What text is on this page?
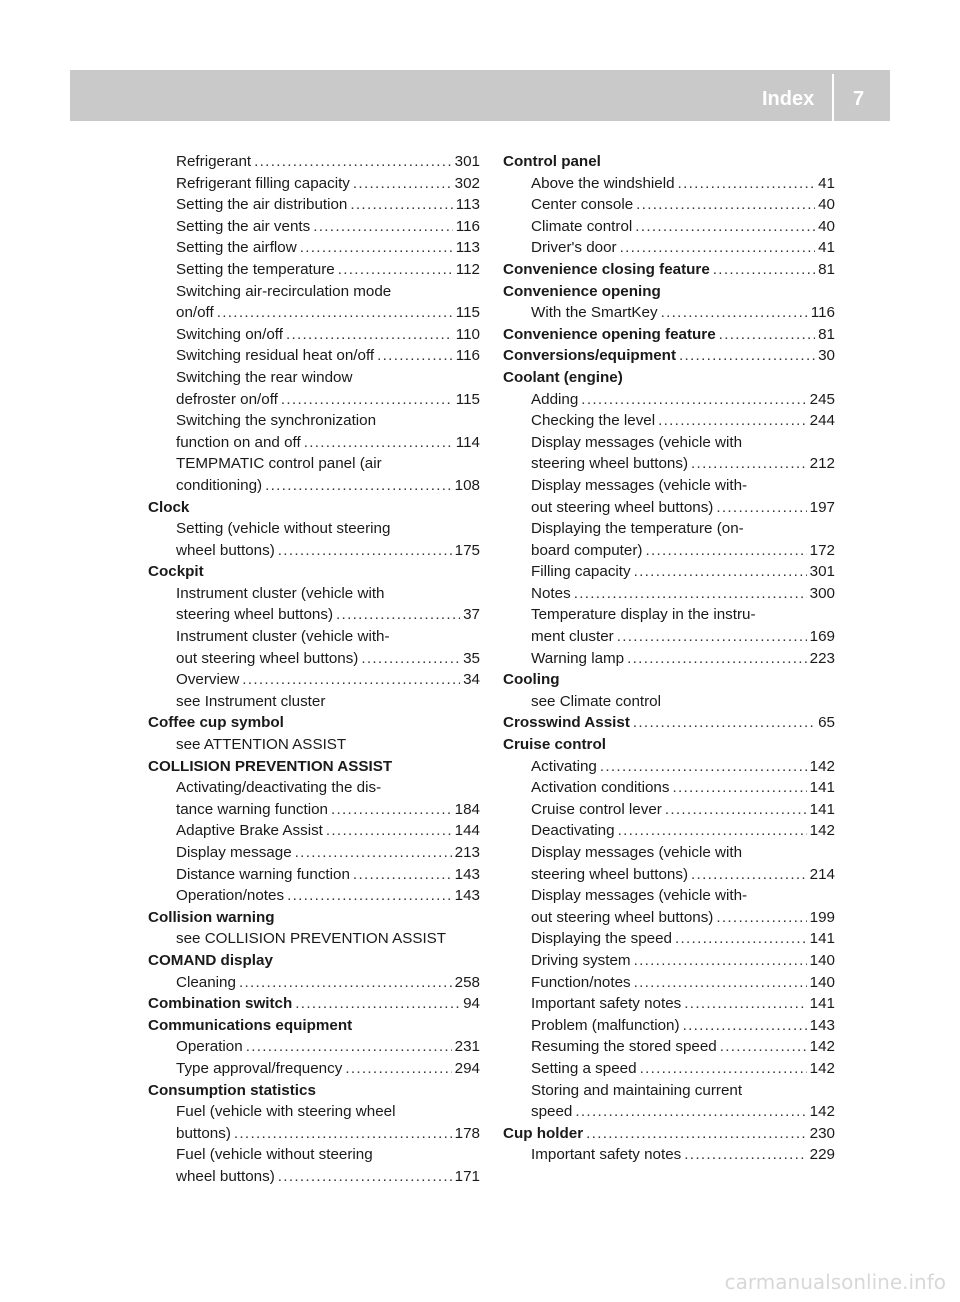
Index 7
Refrigerant .....	301
Refrigerant filling capacity .....	302
Setting the air distribution .....	113
Setting the air vents .....	116
Setting the airflow .....	113
Setting the temperature .....	112
Switching air-recirculation mode
on/off .....	115
Switching on/off .....	110
Switching residual heat on/off .....	116
Switching the rear window
defroster on/off .....	115
Switching the synchronization
function on and off .....	114
TEMPMATIC control panel (air
conditioning) .....	108
Clock
Setting (vehicle without steering
wheel buttons) .....	175
Cockpit
Instrument cluster (vehicle with
steering wheel buttons) .....	37
Instrument cluster (vehicle with-
out steering wheel buttons) .....	35
Overview .....	34
see Instrument cluster
Coffee cup symbol
see ATTENTION ASSIST
COLLISION PREVENTION ASSIST
Activating/deactivating the dis-
tance warning function .....	184
Adaptive Brake Assist .....	144
Display message .....	213
Distance warning function .....	143
Operation/notes .....	143
Collision warning
see COLLISION PREVENTION ASSIST
COMAND display
Cleaning .....	258
Combination switch .....	94
Communications equipment
Operation .....	231
Type approval/frequency .....	294
Consumption statistics
Fuel (vehicle with steering wheel
buttons) .....	178
Fuel (vehicle without steering
wheel buttons) .....	171
Control panel
Above the windshield .....	41
Center console .....	40
Climate control .....	40
Driver's door .....	41
Convenience closing feature .....	81
Convenience opening
With the SmartKey .....	116
Convenience opening feature .....	81
Conversions/equipment .....	30
Coolant (engine)
Adding .....	245
Checking the level .....	244
Display messages (vehicle with
steering wheel buttons) .....	212
Display messages (vehicle with-
out steering wheel buttons) .....	197
Displaying the temperature (on-
board computer) .....	172
Filling capacity .....	301
Notes .....	300
Temperature display in the instru-
ment cluster .....	169
Warning lamp .....	223
Cooling
see Climate control
Crosswind Assist .....	65
Cruise control
Activating .....	142
Activation conditions .....	141
Cruise control lever .....	141
Deactivating .....	142
Display messages (vehicle with
steering wheel buttons) .....	214
Display messages (vehicle with-
out steering wheel buttons) .....	199
Displaying the speed .....	141
Driving system .....	140
Function/notes .....	140
Important safety notes .....	141
Problem (malfunction) .....	143
Resuming the stored speed .....	142
Setting a speed .....	142
Storing and maintaining current
speed .....	142
Cup holder .....	230
Important safety notes .....	229
carmanualsonline.info
